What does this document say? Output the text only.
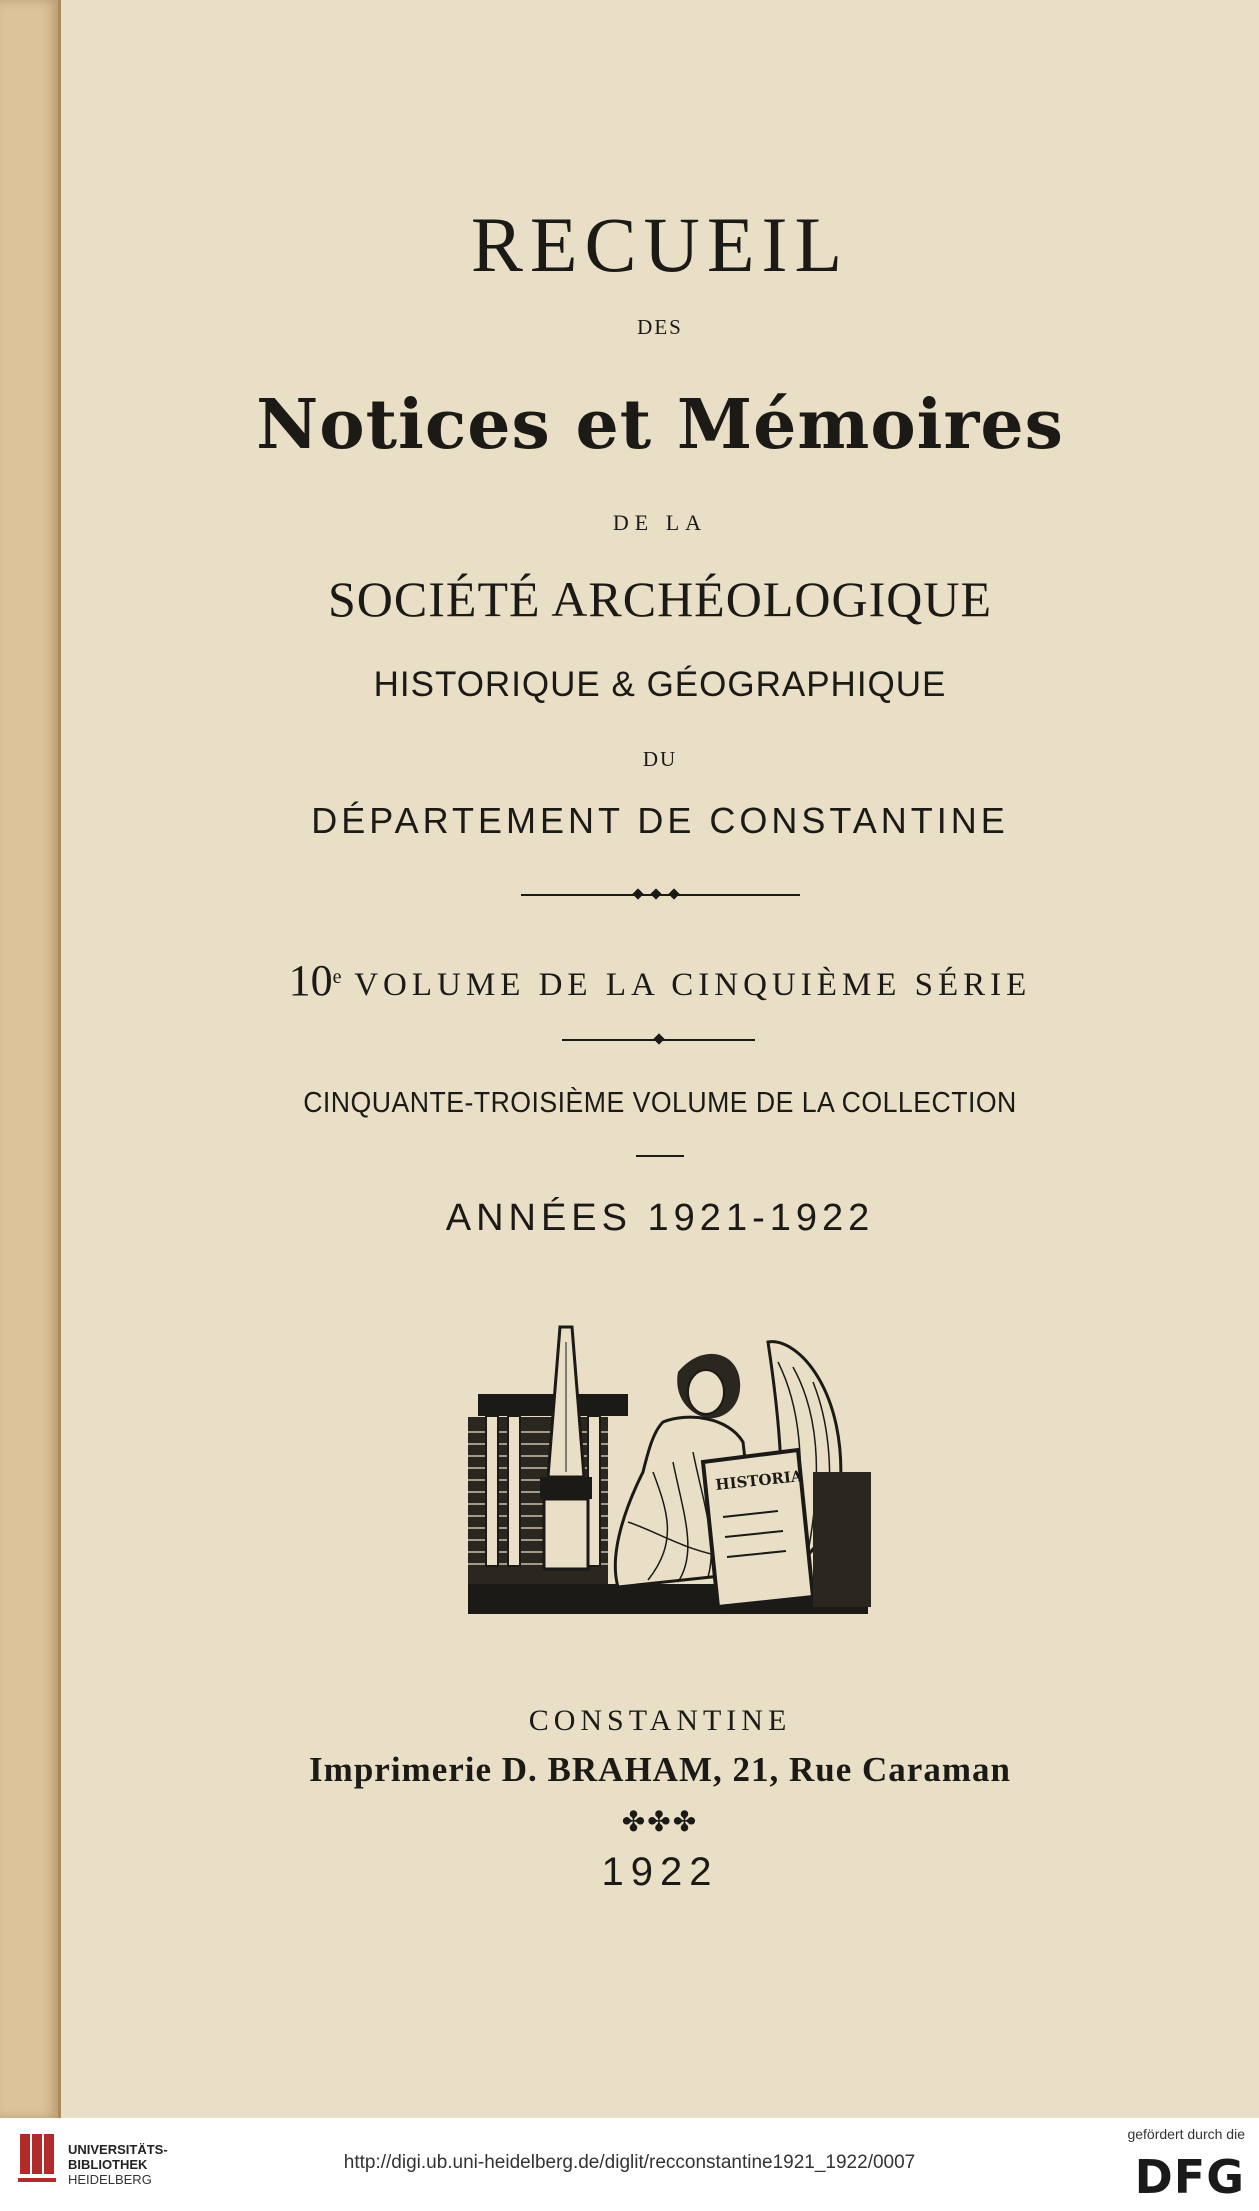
RECUEIL
DES
Notices et Mémoires
DE LA
SOCIÉTÉ ARCHÉOLOGIQUE
HISTORIQUE & GÉOGRAPHIQUE
DU
DÉPARTEMENT DE CONSTANTINE
10e VOLUME DE LA CINQUIÈME SÉRIE
CINQUANTE-TROISIÈME VOLUME DE LA COLLECTION
ANNÉES 1921-1922
HISTORIA
CONSTANTINE
Imprimerie D. BRAHAM, 21, Rue Caraman
✤✤✤
1922
UNIVERSITÄTS-
BIBLIOTHEK
HEIDELBERG
http://digi.ub.uni-heidelberg.de/diglit/recconstantine1921_1922/0007
gefördert durch die
DFG
